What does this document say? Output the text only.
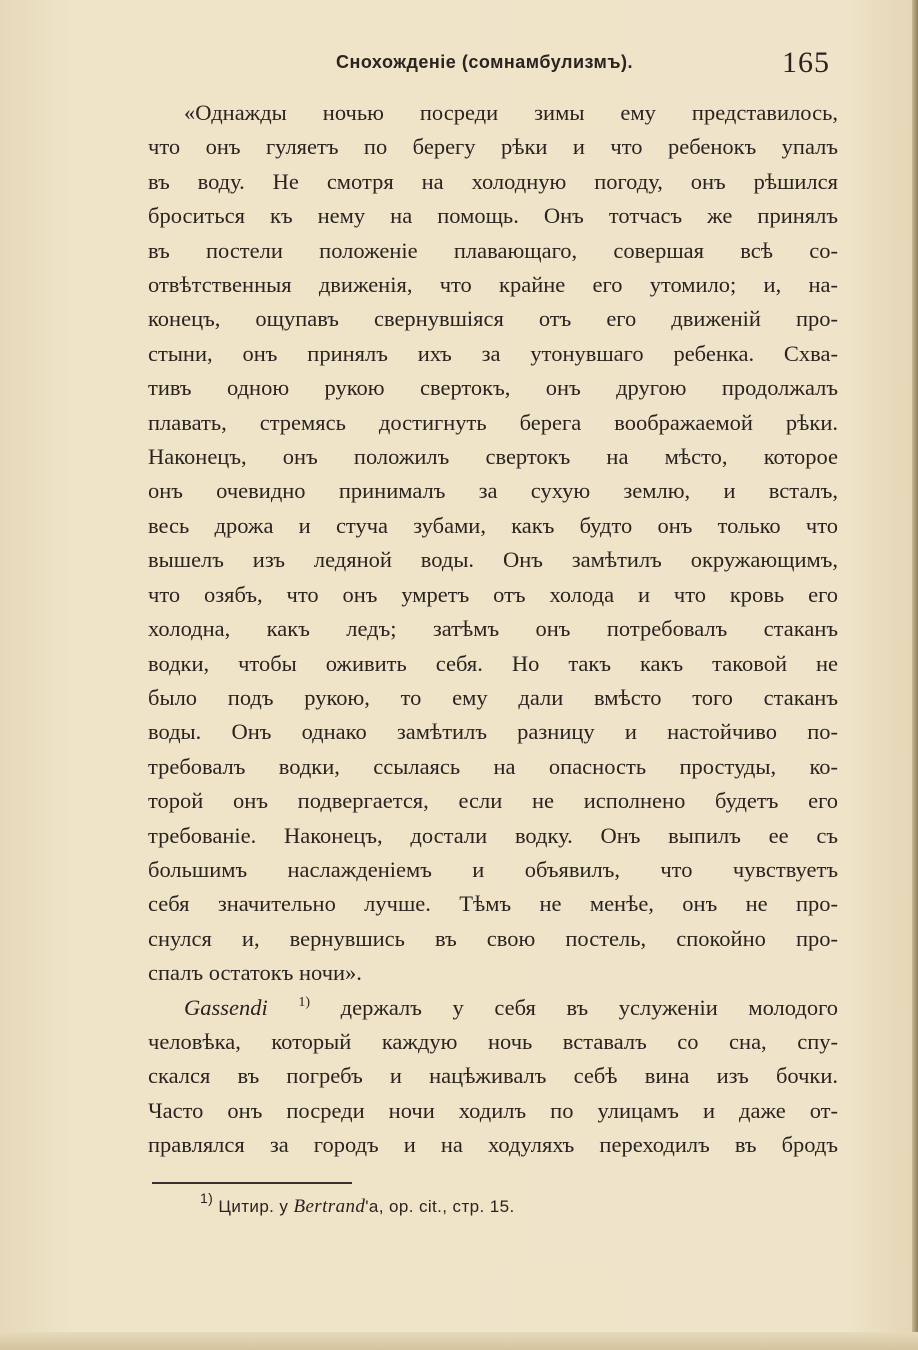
Снохожденіе (сомнамбулизмъ).	165
«Однажды ночью посреди зимы ему представилось,
что онъ гуляетъ по берегу рѣки и что ребенокъ упалъ
въ воду. Не смотря на холодную погоду, онъ рѣшился
броситься къ нему на помощь. Онъ тотчасъ же принялъ
въ постели положеніе плавающаго, совершая всѣ со-
отвѣтственныя движенія, что крайне его утомило; и, на-
конецъ, ощупавъ свернувшіяся отъ его движеній про-
стыни, онъ принялъ ихъ за утонувшаго ребенка. Схва-
тивъ одною рукою свертокъ, онъ другою продолжалъ
плавать, стремясь достигнуть берега воображаемой рѣки.
Наконецъ, онъ положилъ свертокъ на мѣсто, которое
онъ очевидно принималъ за сухую землю, и всталъ,
весь дрожа и стуча зубами, какъ будто онъ только что
вышелъ изъ ледяной воды. Онъ замѣтилъ окружающимъ,
что озябъ, что онъ умретъ отъ холода и что кровь его
холодна, какъ ледъ; затѣмъ онъ потребовалъ стаканъ
водки, чтобы оживить себя. Но такъ какъ таковой не
было подъ рукою, то ему дали вмѣсто того стаканъ
воды. Онъ однако замѣтилъ разницу и настойчиво по-
требовалъ водки, ссылаясь на опасность простуды, ко-
торой онъ подвергается, если не исполнено будетъ его
требованіе. Наконецъ, достали водку. Онъ выпилъ ее съ
большимъ наслажденіемъ и объявилъ, что чувствуетъ
себя значительно лучше. Тѣмъ не менѣе, онъ не про-
снулся и, вернувшись въ свою постель, спокойно про-
спалъ остатокъ ночи».
Gassendi $^{1)}$ держалъ у себя въ услуженіи молодого
человѣка, который каждую ночь вставалъ со сна, спу-
скался въ погребъ и нацѣживалъ себѣ вина изъ бочки.
Часто онъ посреди ночи ходилъ по улицамъ и даже от-
правлялся за городъ и на ходуляхъ переходилъ въ бродъ
$^{1)}$ Цитир. у Bertrand'a, op. cit., стр. 15.
